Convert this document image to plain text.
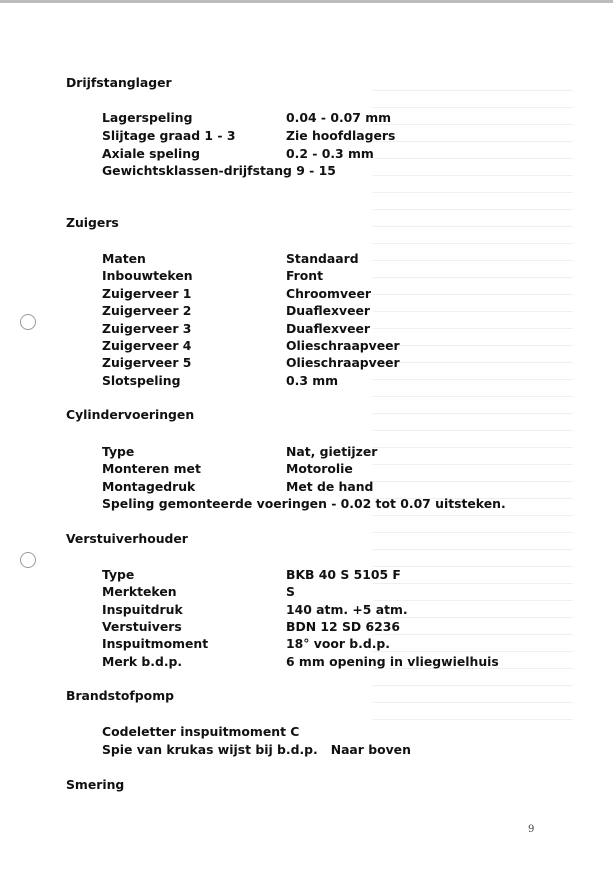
Drijfstanglager
Lagerspeling	0.04 - 0.07 mm
Slijtage graad 1 - 3	Zie hoofdlagers
Axiale speling	0.2 - 0.3 mm
Gewichtsklassen-drijfstang 9 - 15
Zuigers
Maten	Standaard
Inbouwteken	Front
Zuigerveer 1	Chroomveer
Zuigerveer 2	Duaflexveer
Zuigerveer 3	Duaflexveer
Zuigerveer 4	Olieschraapveer
Zuigerveer 5	Olieschraapveer
Slotspeling	0.3 mm
Cylindervoeringen
Type	Nat, gietijzer
Monteren met	Motorolie
Montagedruk	Met de hand
Speling gemonteerde voeringen - 0.02 tot 0.07 uitsteken.
Verstuiverhouder
Type	BKB 40 S 5105 F
Merkteken	S
Inspuitdruk	140 atm. +5 atm.
Verstuivers	BDN 12 SD 6236
Inspuitmoment	18° voor b.d.p.
Merk b.d.p.	6 mm opening in vliegwielhuis
Brandstofpomp
Codeletter inspuitmoment C
Spie van krukas wijst bij b.d.p.   Naar boven
Smering
9
